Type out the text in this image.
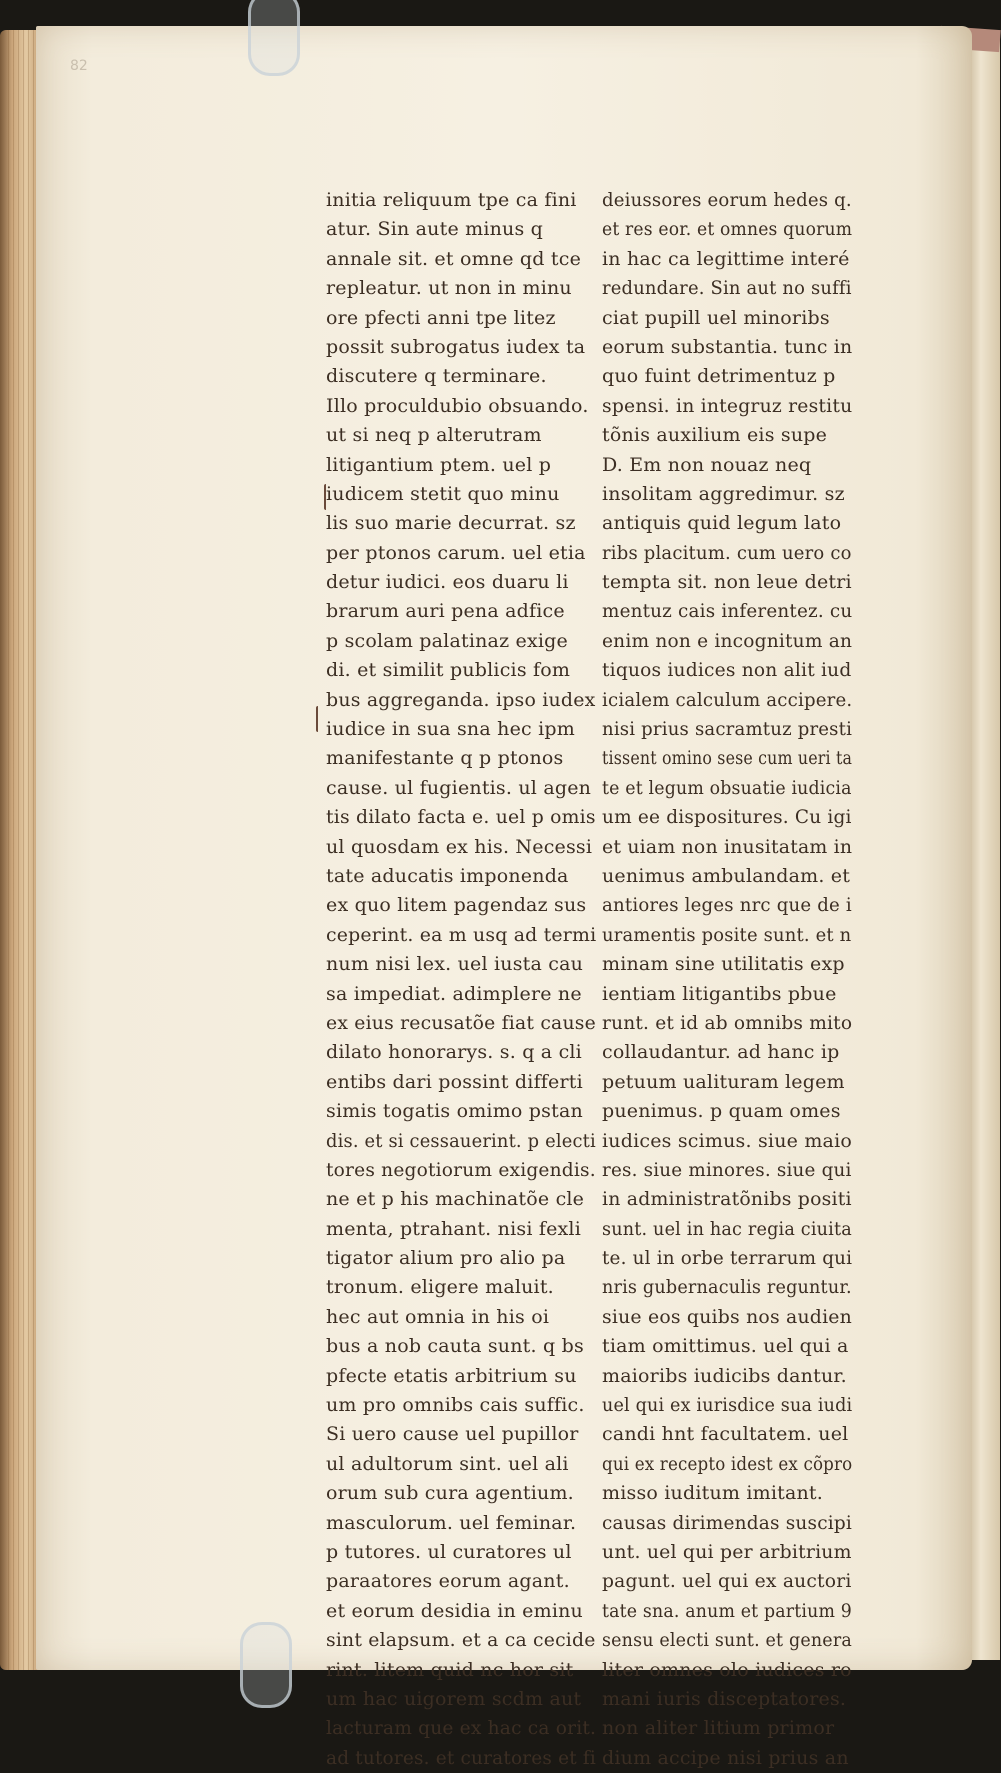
82
initia reliquum tpe ca fini
atur. Sin aute minus q
annale sit. et omne qd tce
repleatur. ut non in minu
ore pfecti anni tpe litez
possit subrogatus iudex ta
discutere q terminare.
Illo proculdubio obsuando.
ut si neq p alterutram
litigantium ptem. uel p
iudicem stetit quo minu
lis suo marie decurrat. sz
per ptonos carum. uel etia
detur iudici. eos duaru li
brarum auri pena adfice
p scolam palatinaz exige
di. et similit publicis fom
bus aggreganda. ipso iudex
iudice in sua sna hec ipm
manifestante q p ptonos
cause. ul fugientis. ul agen
tis dilato facta e. uel p omis
ul quosdam ex his. Necessi
tate aducatis imponenda
ex quo litem pagendaz sus
ceperint. ea m usq ad termi
num nisi lex. uel iusta cau
sa impediat. adimplere ne
ex eius recusatõe fiat cause
dilato honorarys. s. q a cli
entibs dari possint differti
simis togatis omimo pstan
dis. et si cessauerint. p electi
tores negotiorum exigendis.
ne et p his machinatõe cle
menta, ptrahant. nisi fexli
tigator alium pro alio pa
tronum. eligere maluit.
hec aut omnia in his oi
bus a nob cauta sunt. q bs
pfecte etatis arbitrium su
um pro omnibs cais suffic.
Si uero cause uel pupillor
ul adultorum sint. uel ali
orum sub cura agentium.
masculorum. uel feminar.
p tutores. ul curatores ul
paraatores eorum agant.
et eorum desidia in eminu
sint elapsum. et a ca cecide
rint. litem quid nc hor sit
um hac uigorem scdm aut
lacturam que ex hac ca orit.
ad tutores. et curatores et fi
deiussores eorum hedes q.
et res eor. et omnes quorum
in hac ca legittime interé
redundare. Sin aut no suffi
ciat pupill uel minoribs
eorum substantia. tunc in
quo fuint detrimentuz p
spensi. in integruz restitu
tõnis auxilium eis supe
D. Em non nouaz neq
insolitam aggredimur. sz
antiquis quid legum lato
ribs placitum. cum uero co
tempta sit. non leue detri
mentuz cais inferentez. cu
enim non e incognitum an
tiquos iudices non alit iud
icialem calculum accipere.
nisi prius sacramtuz presti
tissent omino sese cum ueri ta
te et legum obsuatie iudicia
um ee dispositures. Cu igi
et uiam non inusitatam in
uenimus ambulandam. et
antiores leges nrc que de i
uramentis posite sunt. et n
minam sine utilitatis exp
ientiam litigantibs pbue
runt. et id ab omnibs mito
collaudantur. ad hanc ip
petuum ualituram legem
puenimus. p quam omes
iudices scimus. siue maio
res. siue minores. siue qui
in administratõnibs positi
sunt. uel in hac regia ciuita
te. ul in orbe terrarum qui
nris gubernaculis reguntur.
siue eos quibs nos audien
tiam omittimus. uel qui a
maioribs iudicibs dantur.
uel qui ex iurisdice sua iudi
candi hnt facultatem. uel
qui ex recepto idest ex cõpro
misso iuditum imitant.
causas dirimendas suscipi
unt. uel qui per arbitrium
pagunt. uel qui ex auctori
tate sna. anum et partium 9
sensu electi sunt. et genera
liter omnes olo iudices ro
mani iuris disceptatores.
non aliter litium primor
dium accipe nisi prius an
